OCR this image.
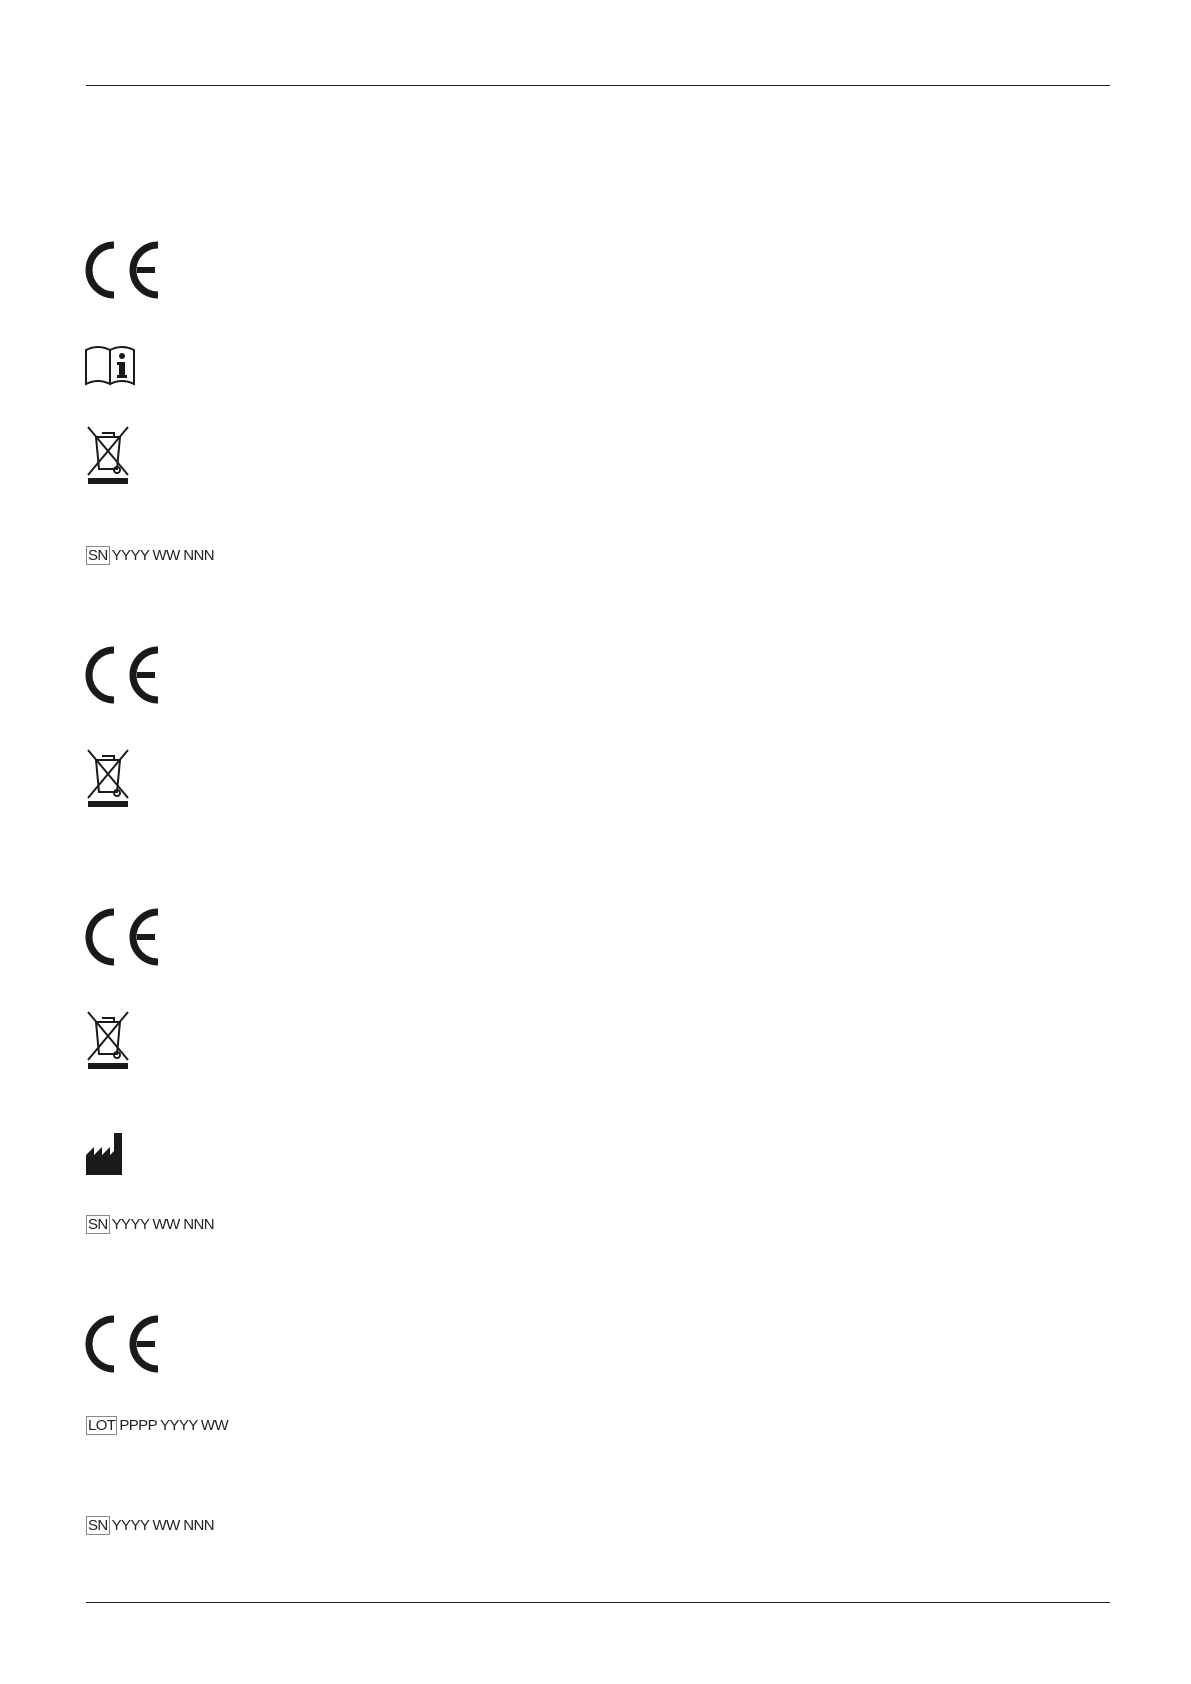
SN YYYY WW NNN
SN YYYY WW NNN
LOT PPPP YYYY WW
SN YYYY WW NNN
